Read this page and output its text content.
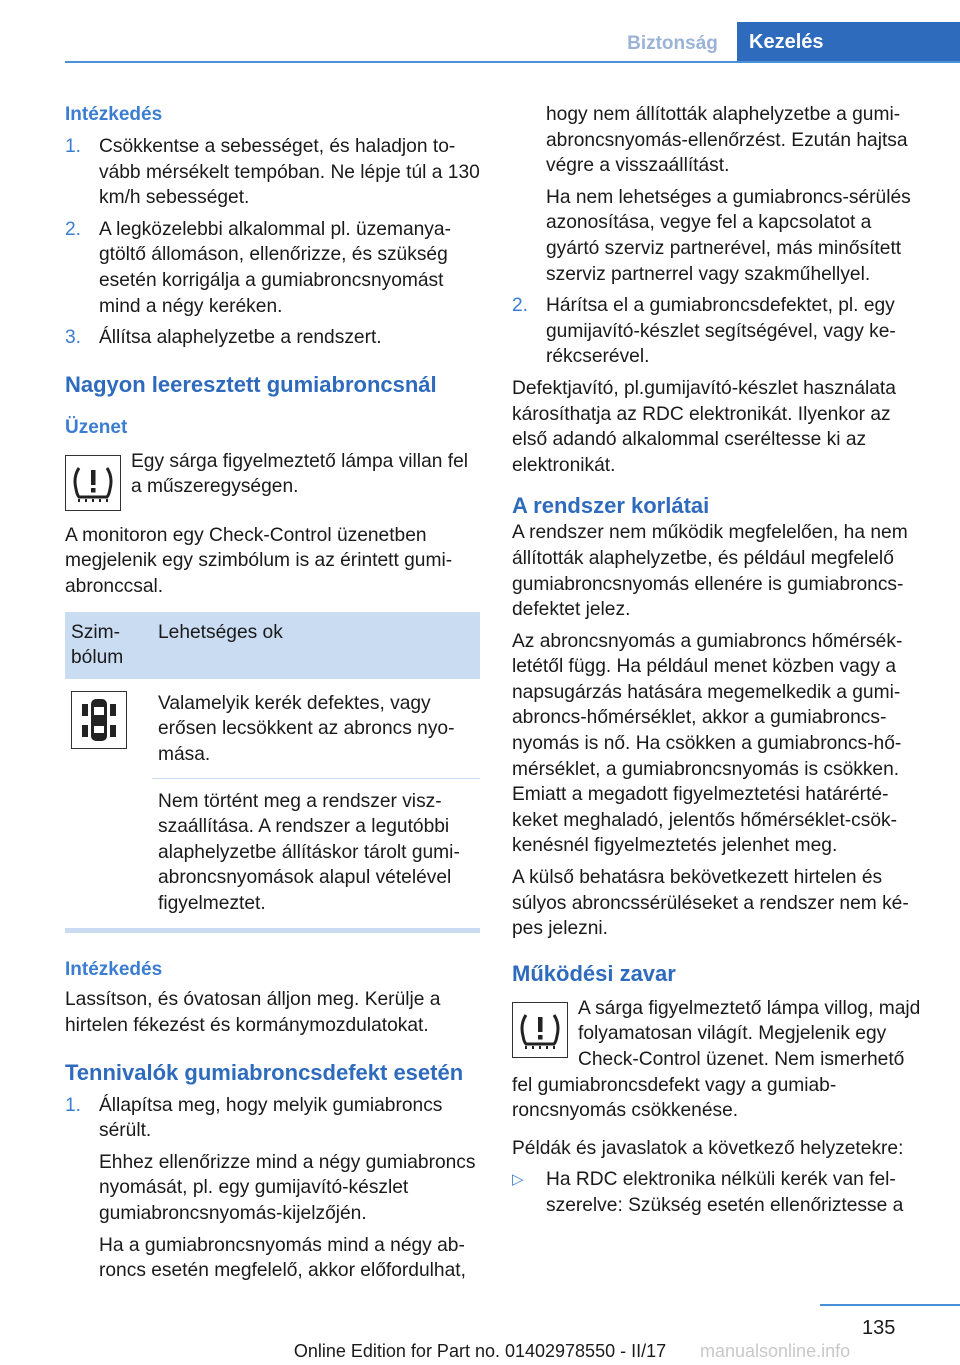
Biztonság	Kezelés

Intézkedés

1. Csökkentse a sebességet, és haladjon tovább mérsékelt tempóban. Ne lépje túl a 130 km/h sebességet.
2. A legközelebbi alkalommal pl. üzemanyagtöltő állomáson, ellenőrizze, és szükség esetén korrigálja a gumiabroncsnyomást mind a négy keréken.
3. Állítsa alaphelyzetbe a rendszert.

Nagyon leeresztett gumiabroncsnál

Üzenet

Egy sárga figyelmeztető lámpa villan fel a műszeregységen.

A monitoron egy Check-Control üzenetben megjelenik egy szimbólum is az érintett gumiabronccsal.

Szimbólum	Lehetséges ok

	Valamelyik kerék defektes, vagy erősen lecsökkent az abroncs nyomása.
	Nem történt meg a rendszer viszszaállítása. A rendszer a legutóbbi alaphelyzetbe állításkor tárolt gumiabroncsnyomások alapul vételével figyelmeztet.

Intézkedés

Lassítson, és óvatosan álljon meg. Kerülje a hirtelen fékezést és kormánymozdulatokat.

Tennivalók gumiabroncsdefekt esetén

1. Állapítsa meg, hogy melyik gumiabroncs sérült.

Ehhez ellenőrizze mind a négy gumiabroncs nyomását, pl. egy gumijavító-készlet gumiabroncsnyomás-kijelzőjén.

Ha a gumiabroncsnyomás mind a négy abroncs esetén megfelelő, akkor előfordulhat,

hogy nem állították alaphelyzetbe a gumiabroncsnyomás-ellenőrzést. Ezután hajtsa végre a visszaállítást.

Ha nem lehetséges a gumiabroncs-sérülés azonosítása, vegye fel a kapcsolatot a gyártó szerviz partnerével, más minősített szerviz partnerrel vagy szakműhellyel.

2. Hárítsa el a gumiabroncsdefektet, pl. egy gumijavító-készlet segítségével, vagy kerékcserével.

Defektjavító, pl.gumijavító-készlet használata károsíthatja az RDC elektronikát. Ilyenkor az első adandó alkalommal cseréltesse ki az elektronikát.

A rendszer korlátai

A rendszer nem működik megfelelően, ha nem állították alaphelyzetbe, és például megfelelő gumiabroncsnyomás ellenére is gumiabroncsdefektet jelez.

Az abroncsnyomás a gumiabroncs hőmérsékletétől függ. Ha például menet közben vagy a napsugárzás hatására megemelkedik a gumiabroncs-hőmérséklet, akkor a gumiabroncsnyomás is nő. Ha csökken a gumiabroncs-hőmérséklet, a gumiabroncsnyomás is csökken. Emiatt a megadott figyelmeztetési határértékeket meghaladó, jelentős hőmérséklet-csökkenésnél figyelmeztetés jelenhet meg.

A külső behatásra bekövetkezett hirtelen és súlyos abroncssérüléseket a rendszer nem képes jelezni.

Működési zavar

A sárga figyelmeztető lámpa villog, majd folyamatosan világít. Megjelenik egy Check-Control üzenet. Nem ismerhető fel gumiabroncsdefekt vagy a gumiabroncsnyomás csökkenése.

Példák és javaslatok a következő helyzetekre:

▷ Ha RDC elektronika nélküli kerék van felszerelve: Szükség esetén ellenőriztesse a
135
Online Edition for Part no. 01402978550 - II/17	manualsonline.info
